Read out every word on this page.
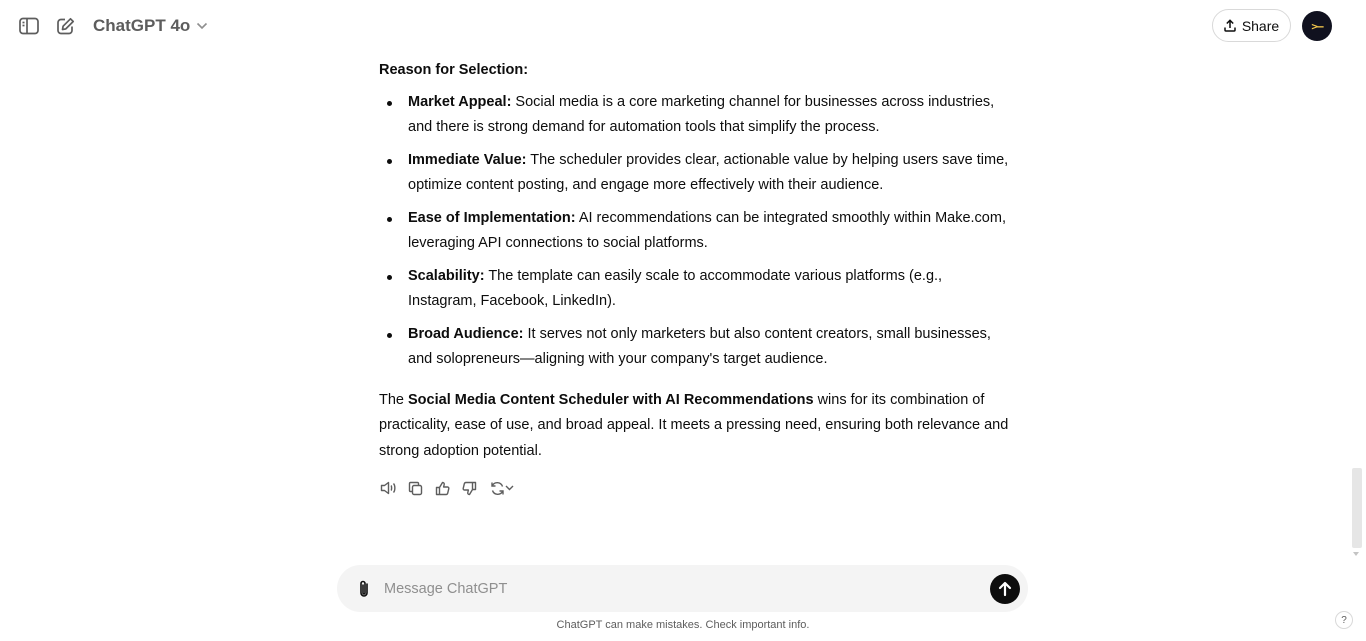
ChatGPT 4o	Share	>—

Reason for Selection:

Market Appeal: Social media is a core marketing channel for businesses across industries, and there is strong demand for automation tools that simplify the process.
Immediate Value: The scheduler provides clear, actionable value by helping users save time, optimize content posting, and engage more effectively with their audience.
Ease of Implementation: AI recommendations can be integrated smoothly within Make.com, leveraging API connections to social platforms.
Scalability: The template can easily scale to accommodate various platforms (e.g., Instagram, Facebook, LinkedIn).
Broad Audience: It serves not only marketers but also content creators, small businesses, and solopreneurs—aligning with your company's target audience.

The Social Media Content Scheduler with AI Recommendations wins for its combination of practicality, ease of use, and broad appeal. It meets a pressing need, ensuring both relevance and strong adoption potential.

Message ChatGPT
ChatGPT can make mistakes. Check important info.	?
